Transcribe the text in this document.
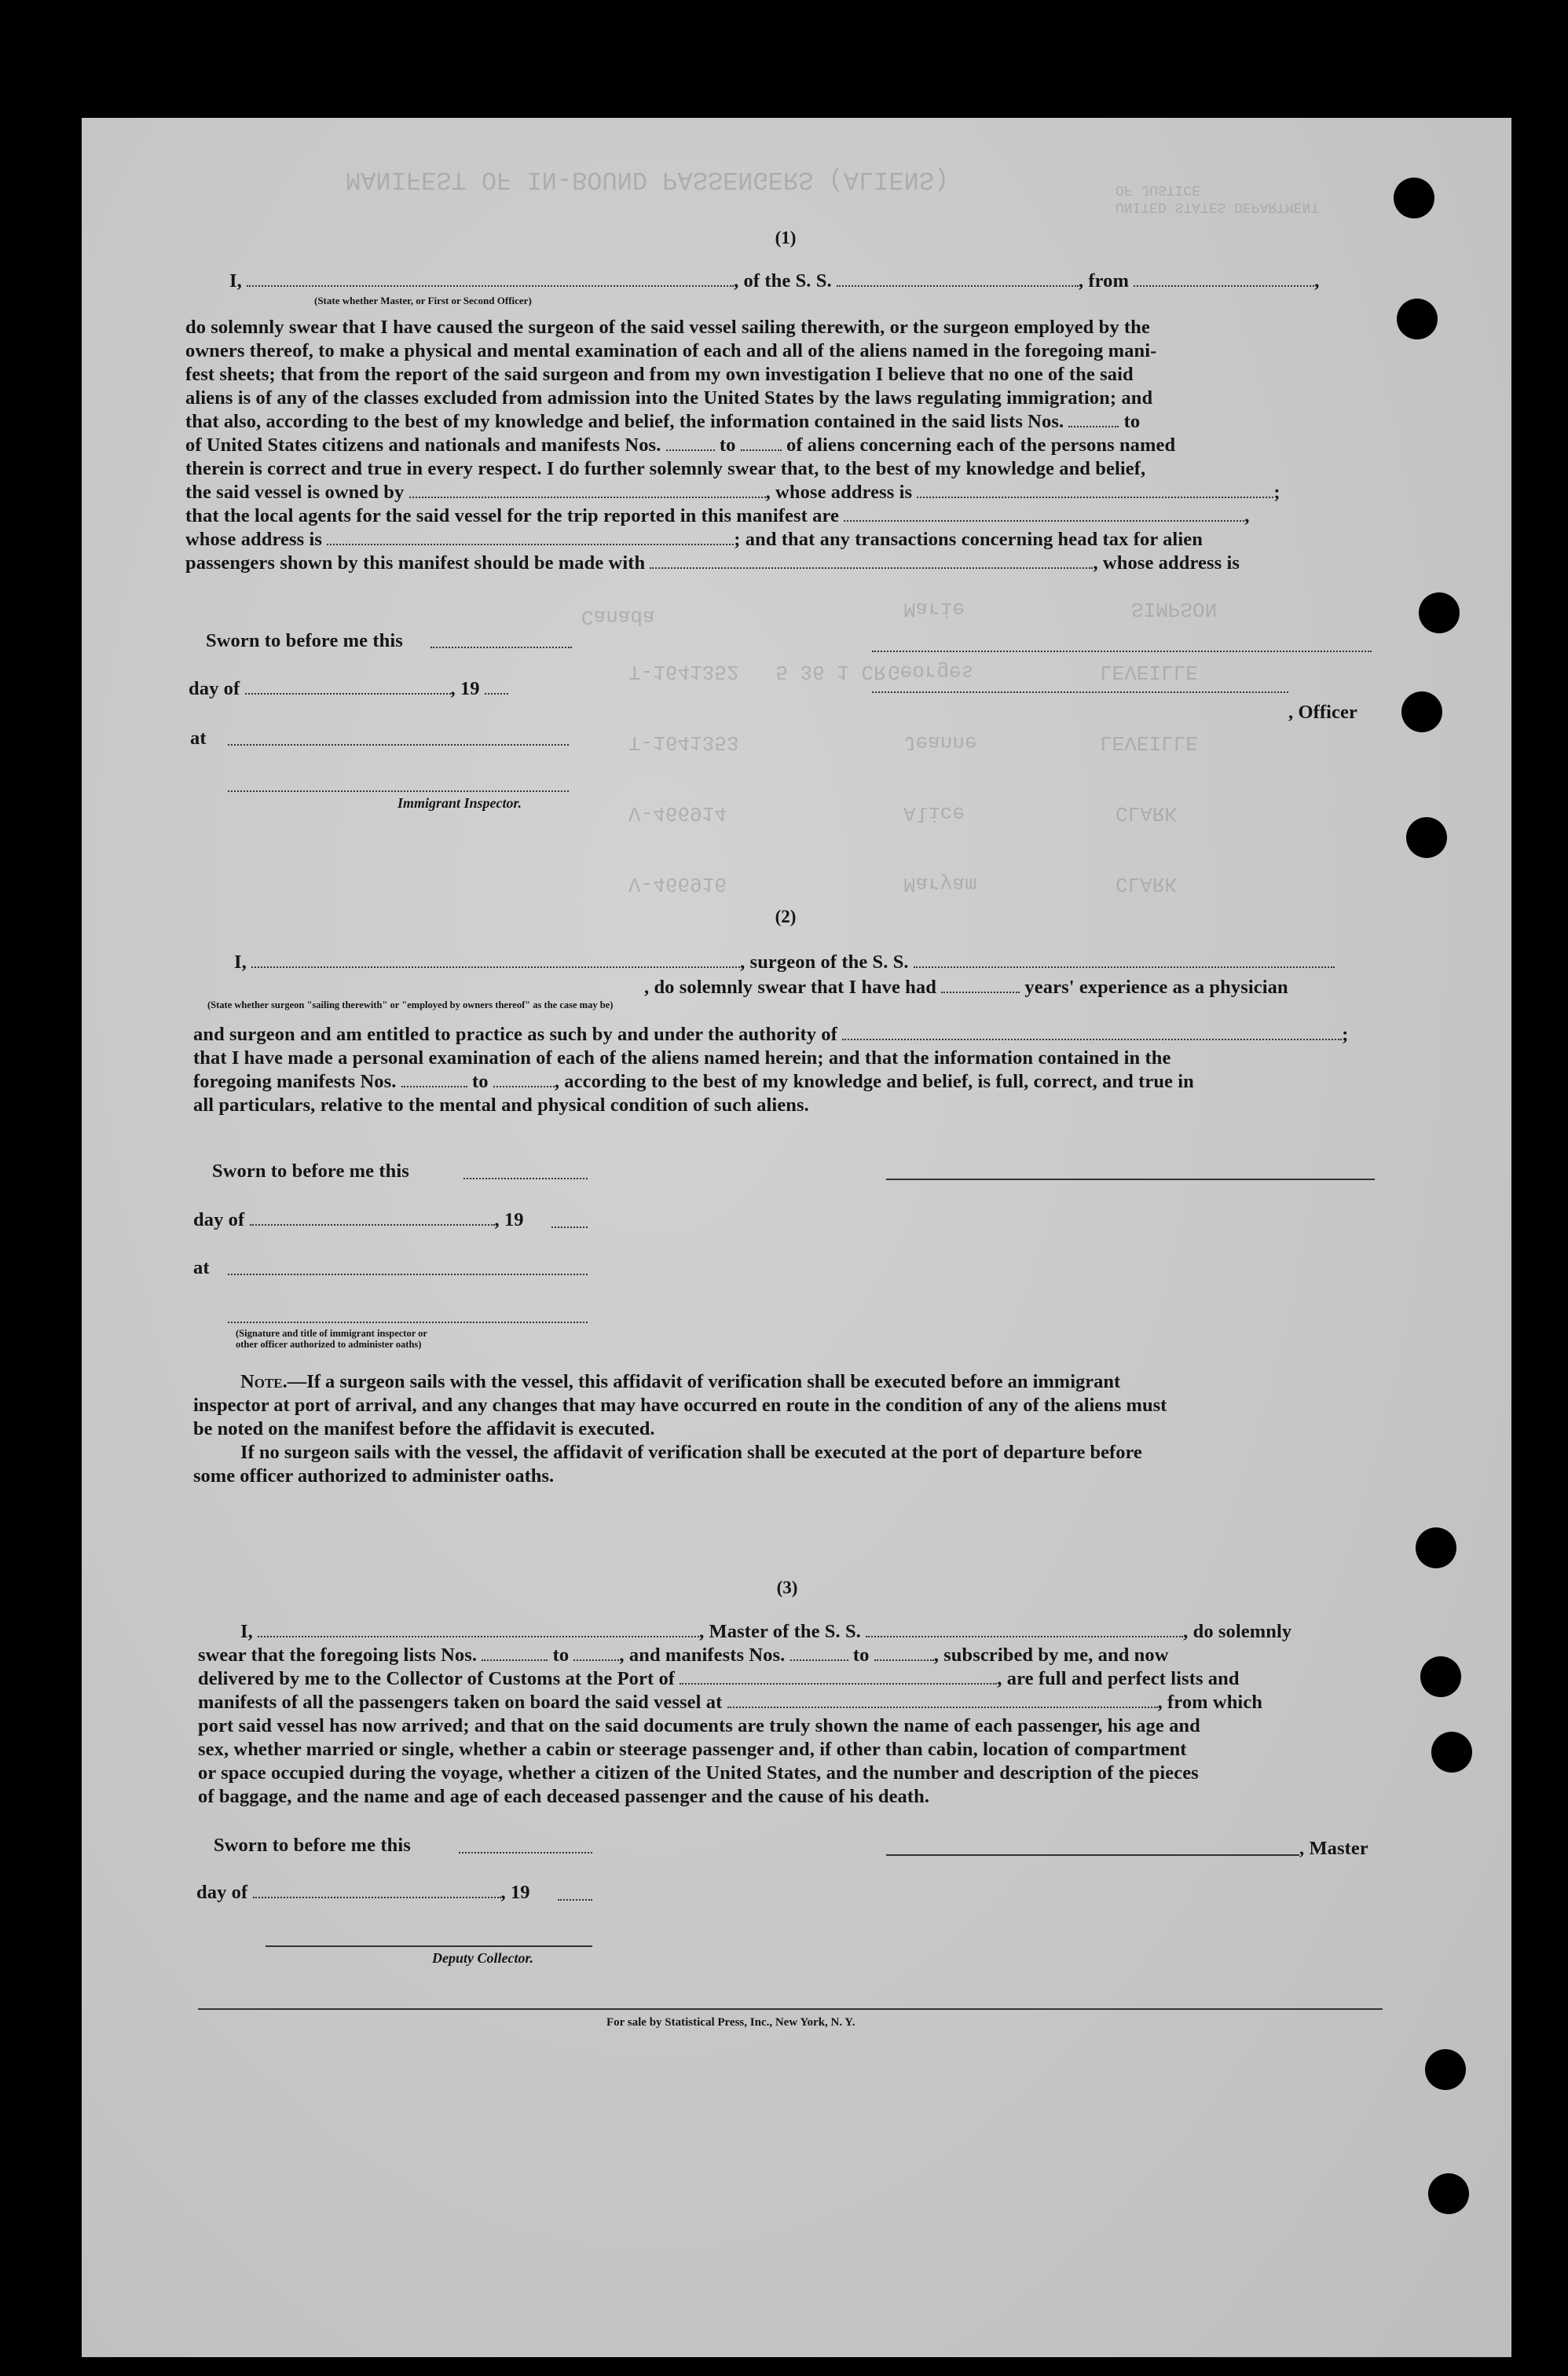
(1)
I,	, of the S. S.	, from	,
(State whether Master, or First or Second Officer)
do solemnly swear that I have caused the surgeon of the said vessel sailing therewith, or the surgeon employed by the
owners thereof, to make a physical and mental examination of each and all of the aliens named in the foregoing mani-
fest sheets; that from the report of the said surgeon and from my own investigation I believe that no one of the said
aliens is of any of the classes excluded from admission into the United States by the laws regulating immigration; and
that also, according to the best of my knowledge and belief, the information contained in the said lists Nos.	to
of United States citizens and nationals and manifests Nos.	to	of aliens concerning each of the persons named
therein is correct and true in every respect. I do further solemnly swear that, to the best of my knowledge and belief,
the said vessel is owned by	, whose address is	;
that the local agents for the said vessel for the trip reported in this manifest are	,
whose address is	; and that any transactions concerning head tax for alien
passengers shown by this manifest should be made with	, whose address is
Sworn to before me this
day of	, 19
at
Immigrant Inspector.
, Officer
MANIFEST OF IN-BOUND PASSENGERS (ALIENS)
UNITED STATES DEPARTMENT
OF JUSTICE
Canada	Marie	SIMPSON
T-1641352   5 36 1 CR Georges	LEVEILLE
T-1641353	Jeanne	LEVEILLE
V-466914	Alice	CLARK
V-466916	Maryam	CLARK
(2)
I,	, surgeon of the S. S.
, do solemnly swear that I have had	years' experience as a physician
(State whether surgeon "sailing therewith" or "employed by owners thereof" as the case may be)
and surgeon and am entitled to practice as such by and under the authority of	;
that I have made a personal examination of each of the aliens named herein; and that the information contained in the
foregoing manifests Nos.	to	, according to the best of my knowledge and belief, is full, correct, and true in
all particulars, relative to the mental and physical condition of such aliens.
Sworn to before me this
day of	, 19
at
(Signature and title of immigrant inspector or
other officer authorized to administer oaths)
Note.—If a surgeon sails with the vessel, this affidavit of verification shall be executed before an immigrant
inspector at port of arrival, and any changes that may have occurred en route in the condition of any of the aliens must
be noted on the manifest before the affidavit is executed.
If no surgeon sails with the vessel, the affidavit of verification shall be executed at the port of departure before
some officer authorized to administer oaths.
(3)
I,	, Master of the S. S.	, do solemnly
swear that the foregoing lists Nos.	to	, and manifests Nos.	to	, subscribed by me, and now
delivered by me to the Collector of Customs at the Port of	, are full and perfect lists and
manifests of all the passengers taken on board the said vessel at	, from which
port said vessel has now arrived; and that on the said documents are truly shown the name of each passenger, his age and
sex, whether married or single, whether a cabin or steerage passenger and, if other than cabin, location of compartment
or space occupied during the voyage, whether a citizen of the United States, and the number and description of the pieces
of baggage, and the name and age of each deceased passenger and the cause of his death.
Sworn to before me this	, Master
day of	, 19
Deputy Collector.
For sale by Statistical Press, Inc., New York, N. Y.
